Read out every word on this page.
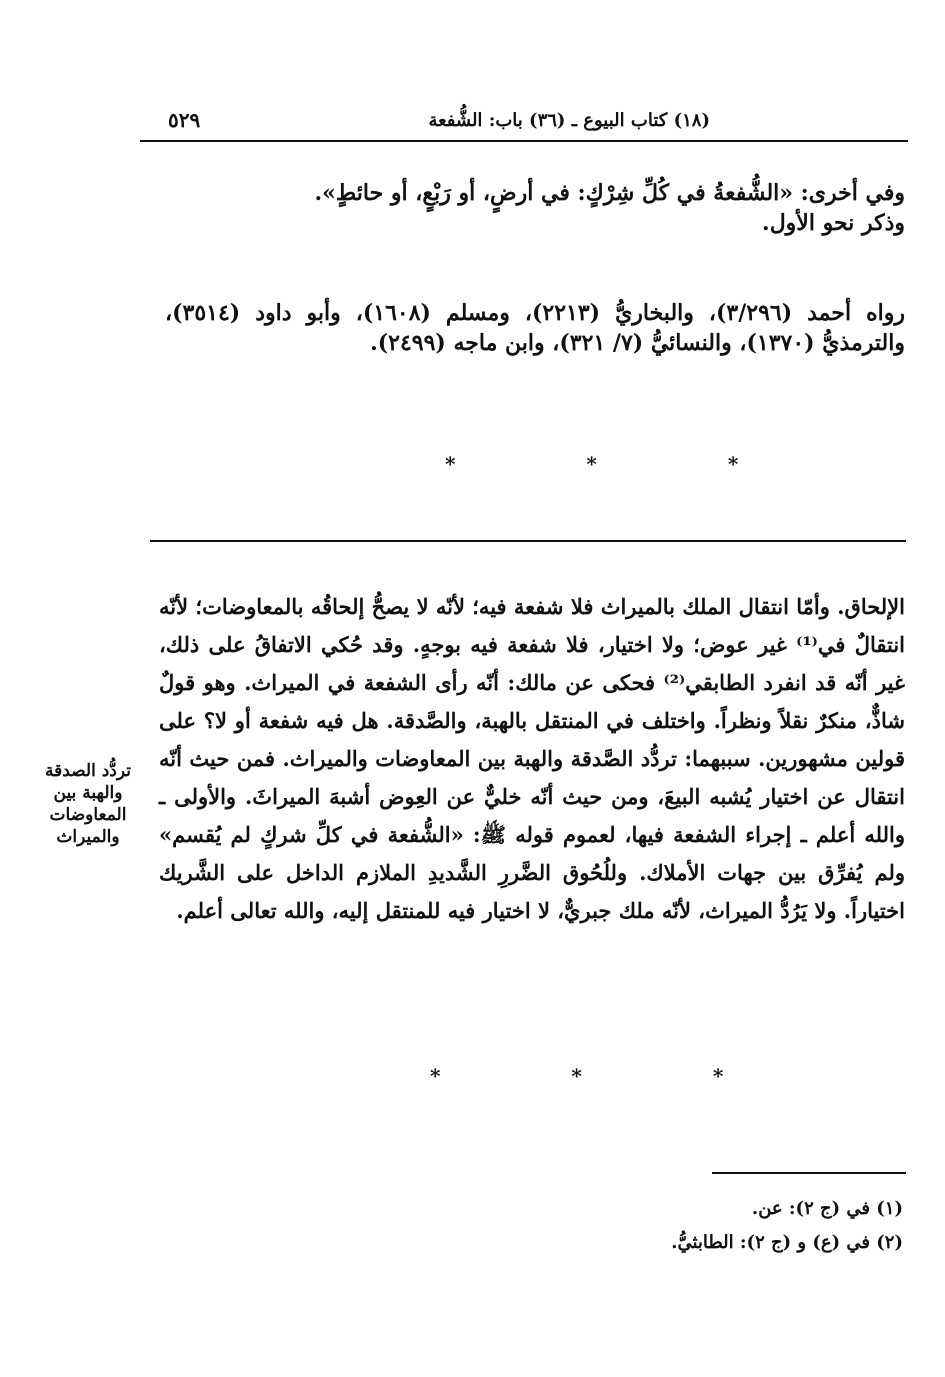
(١٨) كتاب البيوع ـ (٣٦) باب: الشُّفعة
٥٢٩
وفي أخرى: «الشُّفعةُ في كُلِّ شِرْكٍ: في أرضٍ، أو رَبْعٍ، أو حائطٍ».
وذكر نحو الأول.
رواه أحمد (٣/٢٩٦)، والبخاريُّ (٢٢١٣)، ومسلم (١٦٠٨)، وأبو داود (٣٥١٤)، والترمذيُّ (١٣٧٠)، والنسائيُّ (٧/ ٣٢١)، وابن ماجه (٢٤٩٩).
* * *
الإلحاق. وأمّا انتقال الملك بالميراث فلا شفعة فيه؛ لأنّه لا يصحُّ إلحاقُه بالمعاوضات؛ لأنّه انتقالٌ في⁽¹⁾ غير عوض؛ ولا اختيار، فلا شفعة فيه بوجهٍ. وقد حُكي الاتفاقُ على ذلك، غير أنّه قد انفرد الطابقي⁽²⁾ فحكى عن مالك: أنّه رأى الشفعة في الميراث. وهو قولٌ شاذٌّ، منكرٌ نقلاً ونظراً. واختلف في المنتقل بالهبة، والصَّدقة. هل فيه شفعة أو لا؟ على قولين مشهورين. سببهما: تردُّد الصَّدقة والهبة بين المعاوضات والميراث. فمن حيث أنّه انتقال عن اختيار يُشبه البيعَ، ومن حيث أنّه خليٌّ عن العِوض أشبهَ الميراثَ. والأولى ـ والله أعلم ـ إجراء الشفعة فيها، لعموم قوله ﷺ: «الشُّفعة في كلِّ شركٍ لم يُقسم» ولم يُفرِّق بين جهات الأملاك. وللُحُوق الضَّررِ الشَّديدِ الملازم الداخل على الشَّريك اختياراً. ولا يَرُدُّ الميراث، لأنّه ملك جبريٌّ، لا اختيار فيه للمنتقل إليه، والله تعالى أعلم.
تردُّد الصدقة والهبة بين المعاوضات والميراث
* * *
(١) في (ج ٢): عن.
(٢) في (ع) و (ج ٢): الطابثيُّ.
